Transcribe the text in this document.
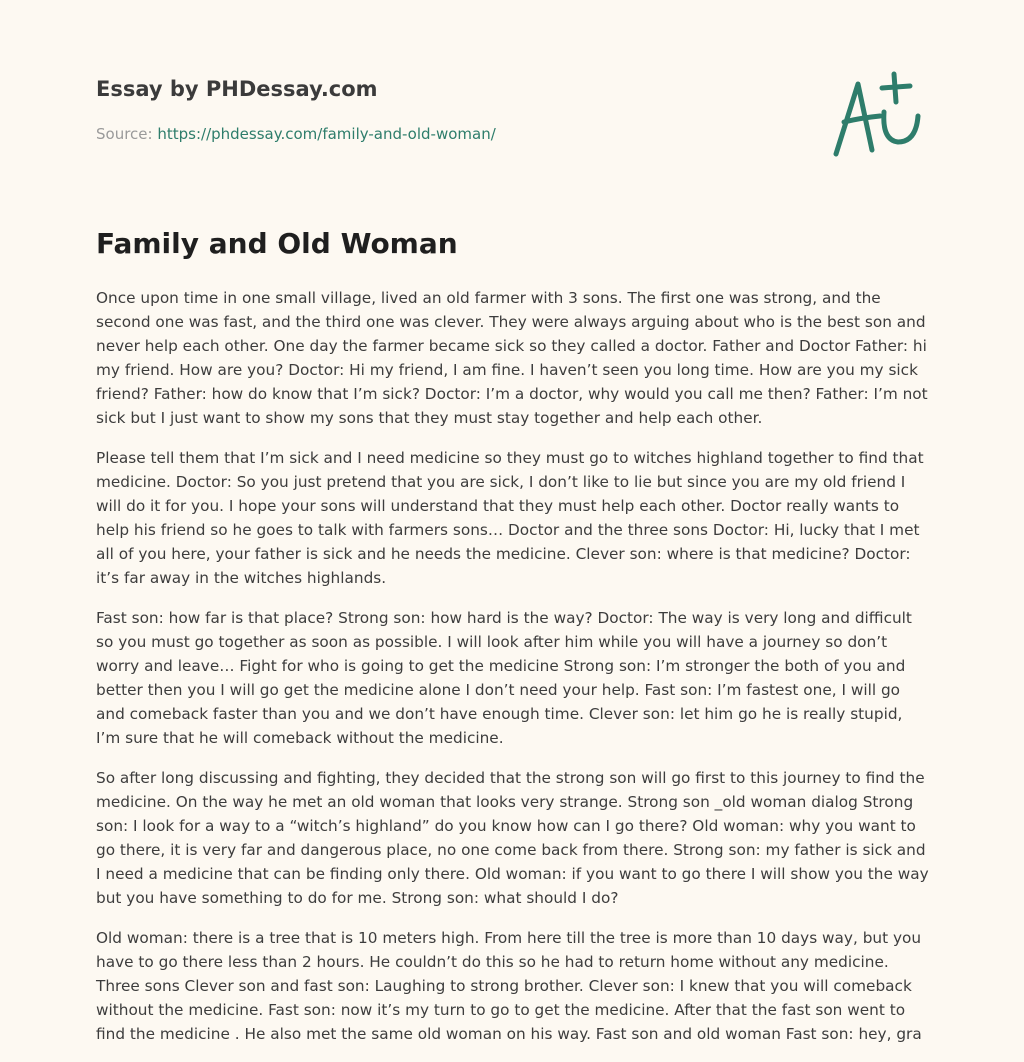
Essay by PHDessay.com
Source: https://phdessay.com/family-and-old-woman/
Family and Old Woman

Once upon time in one small village, lived an old farmer with 3 sons. The first one was strong, and the second one was fast, and the third one was clever. They were always arguing about who is the best son and never help each other. One day the farmer became sick so they called a doctor. Father and Doctor Father: hi my friend. How are you? Doctor: Hi my friend, I am fine. I haven’t seen you long time. How are you my sick friend? Father: how do know that I’m sick? Doctor: I’m a doctor, why would you call me then? Father: I’m not sick but I just want to show my sons that they must stay together and help each other.

Please tell them that I’m sick and I need medicine so they must go to witches highland together to find that medicine. Doctor: So you just pretend that you are sick, I don’t like to lie but since you are my old friend I will do it for you. I hope your sons will understand that they must help each other. Doctor really wants to help his friend so he goes to talk with farmers sons… Doctor and the three sons Doctor: Hi, lucky that I met all of you here, your father is sick and he needs the medicine. Clever son: where is that medicine? Doctor: it’s far away in the witches highlands.

Fast son: how far is that place? Strong son: how hard is the way? Doctor: The way is very long and difficult so you must go together as soon as possible. I will look after him while you will have a journey so don’t worry and leave… Fight for who is going to get the medicine Strong son: I’m stronger the both of you and better then you I will go get the medicine alone I don’t need your help. Fast son: I’m fastest one, I will go and comeback faster than you and we don’t have enough time. Clever son: let him go he is really stupid, I’m sure that he will comeback without the medicine.

So after long discussing and fighting, they decided that the strong son will go first to this journey to find the medicine. On the way he met an old woman that looks very strange. Strong son _old woman dialog Strong son: I look for a way to a “witch’s highland” do you know how can I go there? Old woman: why you want to go there, it is very far and dangerous place, no one come back from there. Strong son: my father is sick and I need a medicine that can be finding only there. Old woman: if you want to go there I will show you the way but you have something to do for me. Strong son: what should I do?

Old woman: there is a tree that is 10 meters high. From here till the tree is more than 10 days way, but you have to go there less than 2 hours. He couldn’t do this so he had to return home without any medicine. Three sons Clever son and fast son: Laughing to strong brother. Clever son: I knew that you will comeback without the medicine. Fast son: now it’s my turn to go to get the medicine. After that the fast son went to find the medicine . He also met the same old woman on his way. Fast son and old woman Fast son: hey, gra
